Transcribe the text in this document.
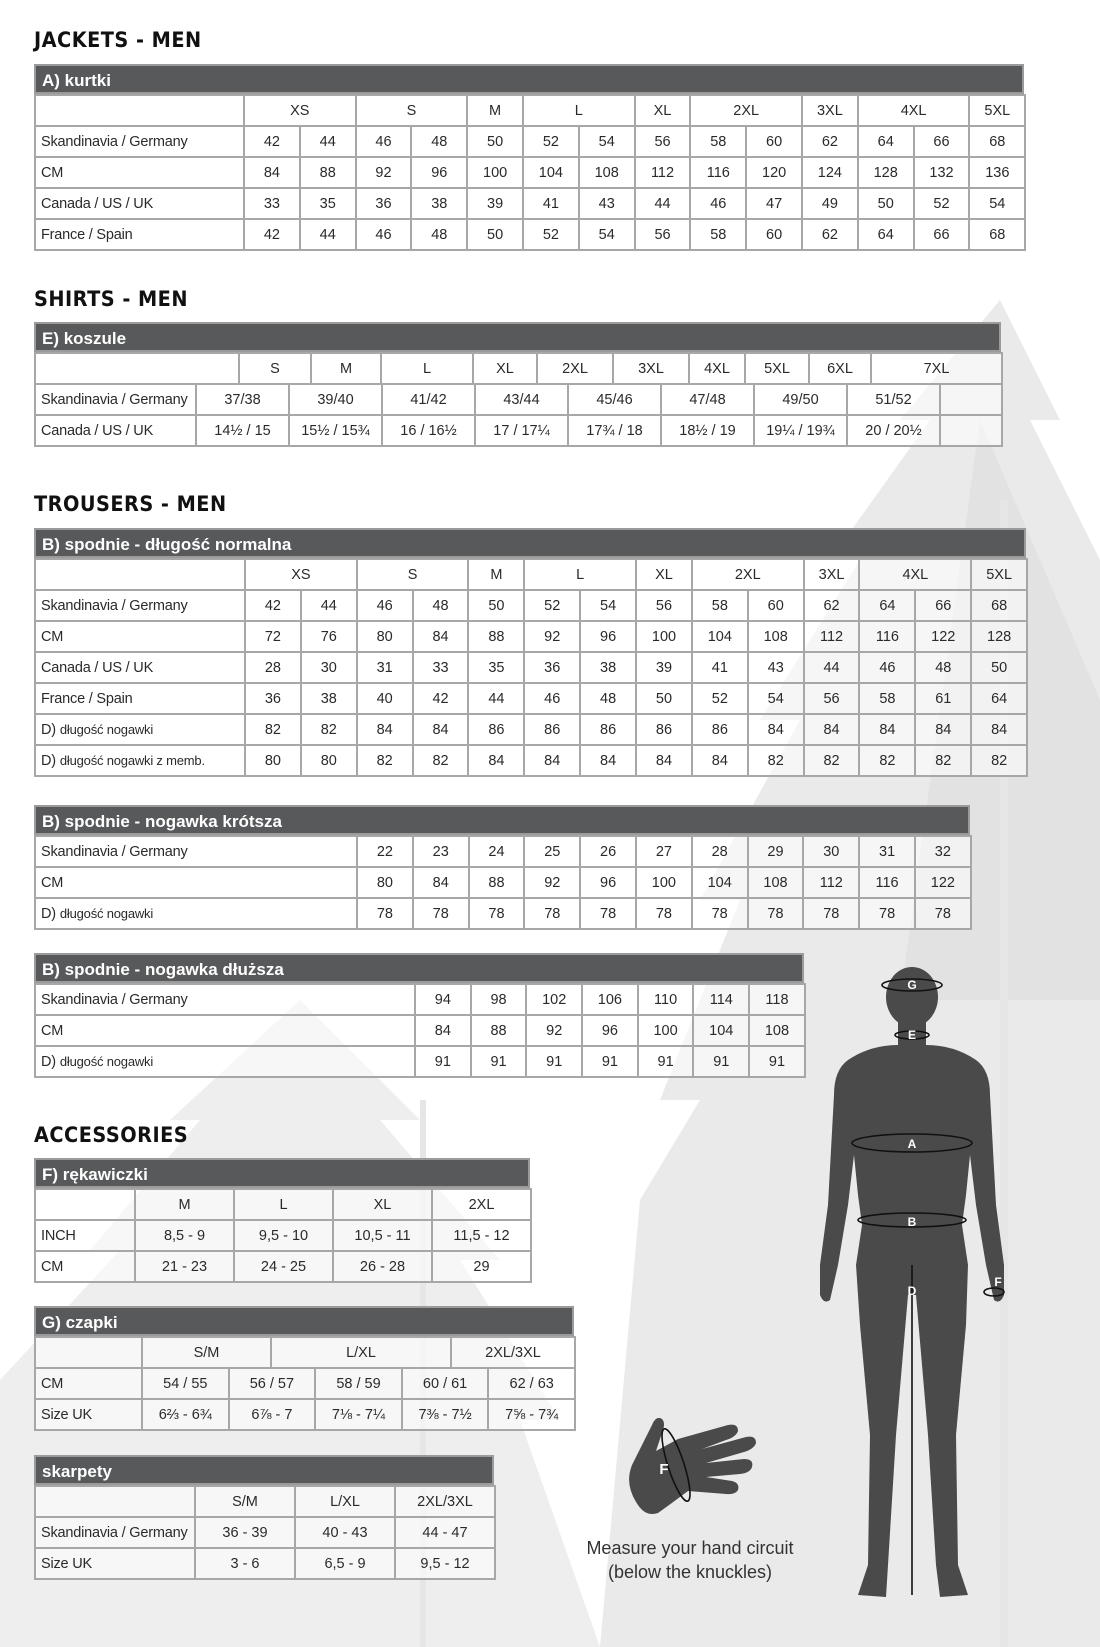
JACKETS - MEN
A) kurtki
	XS		S		M	L		XL	2XL		3XL	4XL		5XL
Skandinavia / Germany	42	44	46	48	50	52	54	56	58	60	62	64	66	68
CM	84	88	92	96	100	104	108	112	116	120	124	128	132	136
Canada / US / UK	33	35	36	38	39	41	43	44	46	47	49	50	52	54
France / Spain	42	44	46	48	50	52	54	56	58	60	62	64	66	68
SHIRTS - MEN
E) koszule
	S	M	L	XL	2XL	3XL	4XL	5XL	6XL	7XL
Skandinavia / Germany	37/38	39/40	41/42	43/44	45/46	47/48	49/50	51/52	
Canada / US / UK	14½ / 15	15½ / 15¾	16 / 16½	17 / 17¼	17¾ / 18	18½ / 19	19¼ / 19¾	20 / 20½	
TROUSERS - MEN
B) spodnie - długość normalna
	XS		S		M	L		XL	2XL		3XL	4XL		5XL
Skandinavia / Germany	42	44	46	48	50	52	54	56	58	60	62	64	66	68
CM	72	76	80	84	88	92	96	100	104	108	112	116	122	128
Canada / US / UK	28	30	31	33	35	36	38	39	41	43	44	46	48	50
France / Spain	36	38	40	42	44	46	48	50	52	54	56	58	61	64
D) długość nogawki	82	82	84	84	86	86	86	86	86	84	84	84	84	84
D) długość nogawki z memb.	80	80	82	82	84	84	84	84	84	82	82	82	82	82
B) spodnie - nogawka krótsza
Skandinavia / Germany	22	23	24	25	26	27	28	29	30	31	32
CM	80	84	88	92	96	100	104	108	112	116	122
D) długość nogawki	78	78	78	78	78	78	78	78	78	78	78
B) spodnie - nogawka dłuższa
Skandinavia / Germany	94	98	102	106	110	114	118
CM	84	88	92	96	100	104	108
D) długość nogawki	91	91	91	91	91	91	91
ACCESSORIES
F) rękawiczki
	M	L	XL	2XL
INCH	8,5 - 9	9,5 - 10	10,5 - 11	11,5 - 12
CM	21 - 23	24 - 25	26 - 28	29
G) czapki
	S/M	L/XL	2XL/3XL
CM	54 / 55	56 / 57	58 / 59	60 / 61	62 / 63
Size UK	6⅔ - 6¾	6⅞ - 7	7⅛ - 7¼	7⅜ - 7½	7⅝ - 7¾
skarpety
	S/M	L/XL	2XL/3XL
Skandinavia / Germany	36 - 39	40 - 43	44 - 47
Size UK	3 - 6	6,5 - 9	9,5 - 12
G
E
A
B
D
F
F
Measure your hand circuit
(below the knuckles)
